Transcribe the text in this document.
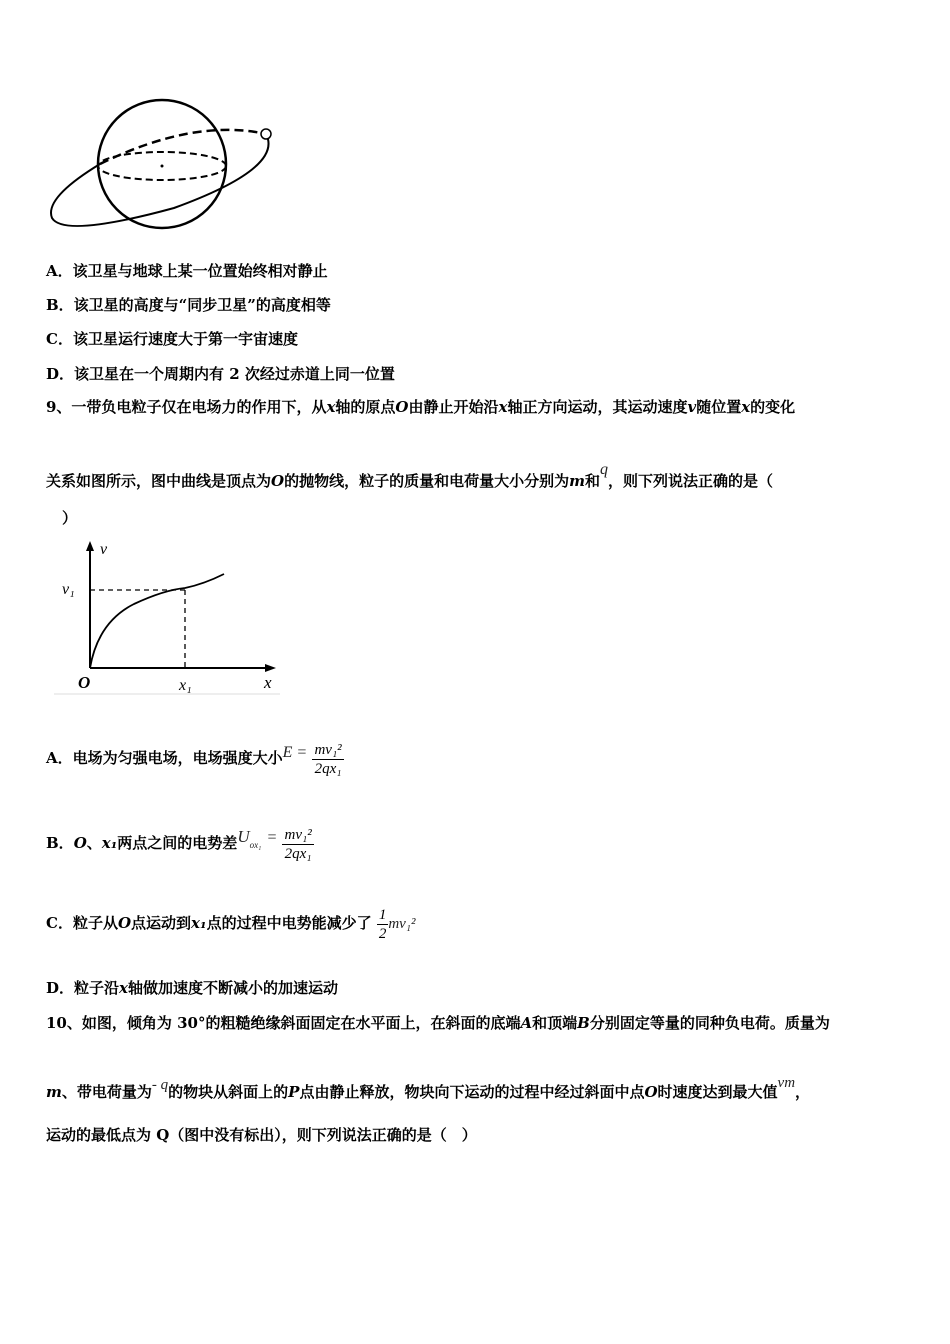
A．该卫星与地球上某一位置始终相对静止
B．该卫星的高度与“同步卫星”的高度相等
C．该卫星运行速度大于第一宇宙速度
D．该卫星在一个周期内有 2 次经过赤道上同一位置
9、一带负电粒子仅在电场力的作用下，从x轴的原点O由静止开始沿x轴正方向运动，其运动速度v随位置x的变化
关系如图所示，图中曲线是顶点为O的抛物线，粒子的质量和电荷量大小分别为m和$^q$，则下列说法正确的是（
）
v
v₁
O	x₁	x
A．电场为匀强电场，电场强度大小$E = \frac{\text{mv₁²}}{\text{2qx₁}}$
B．O、x₁两点之间的电势差$Uox_1 = \frac{\text{mv₁²}}{\text{2qx₁}}$
C．粒子从O点运动到x₁点的过程中电势能减少了 $\frac{1}{2} mv_1^2$
D．粒子沿x轴做加速度不断减小的加速运动
10、如图，倾角为 30°的粗糙绝缘斜面固定在水平面上，在斜面的底端A和顶端B分别固定等量的同种负电荷。质量为
m、带电荷量为$^{- q}$的物块从斜面上的P点由静止释放，物块向下运动的过程中经过斜面中点O时速度达到最大值$^{vm}$，
运动的最低点为 Q（图中没有标出），则下列说法正确的是（　）
